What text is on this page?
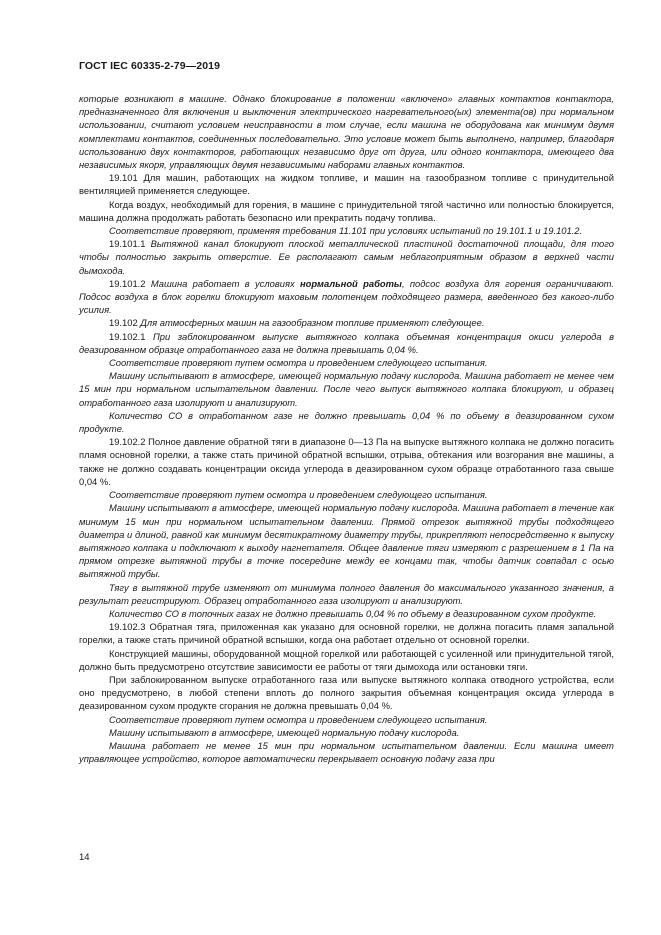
ГОСТ IEC 60335-2-79—2019

которые возникают в машине. Однако блокирование в положении «включено» главных контактов контактора, предназначенного для включения и выключения электрического нагревательного(ых) элемента(ов) при нормальном использовании, считают условием неисправности в том случае, если машина не оборудована как минимум двумя комплектами контактов, соединенных последовательно. Это условие может быть выполнено, например, благодаря использованию двух контакторов, работающих независимо друг от друга, или одного контактора, имеющего два независимых якоря, управляющих двумя независимыми наборами главных контактов.

19.101 Для машин, работающих на жидком топливе, и машин на газообразном топливе с принудительной вентиляцией применяется следующее.

Когда воздух, необходимый для горения, в машине с принудительной тягой частично или полностью блокируется, машина должна продолжать работать безопасно или прекратить подачу топлива.

Соответствие проверяют, применяя требования 11.101 при условиях испытаний по 19.101.1 и 19.101.2.

19.101.1 Вытяжной канал блокируют плоской металлической пластиной достаточной площади, для того чтобы полностью закрыть отверстие. Ее располагают самым неблагоприятным образом в верхней части дымохода.

19.101.2 Машина работает в условиях нормальной работы, подсос воздуха для горения ограничивают. Подсос воздуха в блок горелки блокируют маховым полотенцем подходящего размера, введенного без какого-либо усилия.

19.102 Для атмосферных машин на газообразном топливе применяют следующее.

19.102.1 При заблокированном выпуске вытяжного колпака объемная концентрация окиси углерода в деазированном образце отработанного газа не должна превышать 0,04 %.

Соответствие проверяют путем осмотра и проведением следующего испытания.

Машину испытывают в атмосфере, имеющей нормальную подачу кислорода. Машина работает не менее чем 15 мин при нормальном испытательном давлении. После чего выпуск вытяжного колпака блокируют, и образец отработанного газа изолируют и анализируют.

Количество СО в отработанном газе не должно превышать 0,04 % по объему в деазированном сухом продукте.

19.102.2 Полное давление обратной тяги в диапазоне 0—13 Па на выпуске вытяжного колпака не должно погасить пламя основной горелки, а также стать причиной обратной вспышки, отрыва, обтекания или возгорания вне машины, а также не должно создавать концентрации оксида углерода в деазированном сухом образце отработанного газа свыше 0,04 %.

Соответствие проверяют путем осмотра и проведением следующего испытания.

Машину испытывают в атмосфере, имеющей нормальную подачу кислорода. Машина работает в течение как минимум 15 мин при нормальном испытательном давлении. Прямой отрезок вытяжной трубы подходящего диаметра и длиной, равной как минимум десятикратному диаметру трубы, прикрепляют непосредственно к выпуску вытяжного колпака и подключают к выходу нагнетателя. Общее давление тяги измеряют с разрешением в 1 Па на прямом отрезке вытяжной трубы в точке посередине между ее концами так, чтобы датчик совпадал с осью вытяжной трубы.

Тягу в вытяжной трубе изменяют от минимума полного давления до максимального указанного значения, а результат регистрируют. Образец отработанного газа изолируют и анализируют.

Количество СО в топочных газах не должно превышать 0,04 % по объему в деазированном сухом продукте.

19.102.3 Обратная тяга, приложенная как указано для основной горелки, не должна погасить пламя запальной горелки, а также стать причиной обратной вспышки, когда она работает отдельно от основной горелки.

Конструкцией машины, оборудованной мощной горелкой или работающей с усиленной или принудительной тягой, должно быть предусмотрено отсутствие зависимости ее работы от тяги дымохода или остановки тяги.

При заблокированном выпуске отработанного газа или выпуске вытяжного колпака отводного устройства, если оно предусмотрено, в любой степени вплоть до полного закрытия объемная концентрация оксида углерода в деазированном сухом продукте сгорания не должна превышать 0,04 %.

Соответствие проверяют путем осмотра и проведением следующего испытания.

Машину испытывают в атмосфере, имеющей нормальную подачу кислорода.

Машина работает не менее 15 мин при нормальном испытательном давлении. Если машина имеет управляющее устройство, которое автоматически перекрывает основную подачу газа при

14
